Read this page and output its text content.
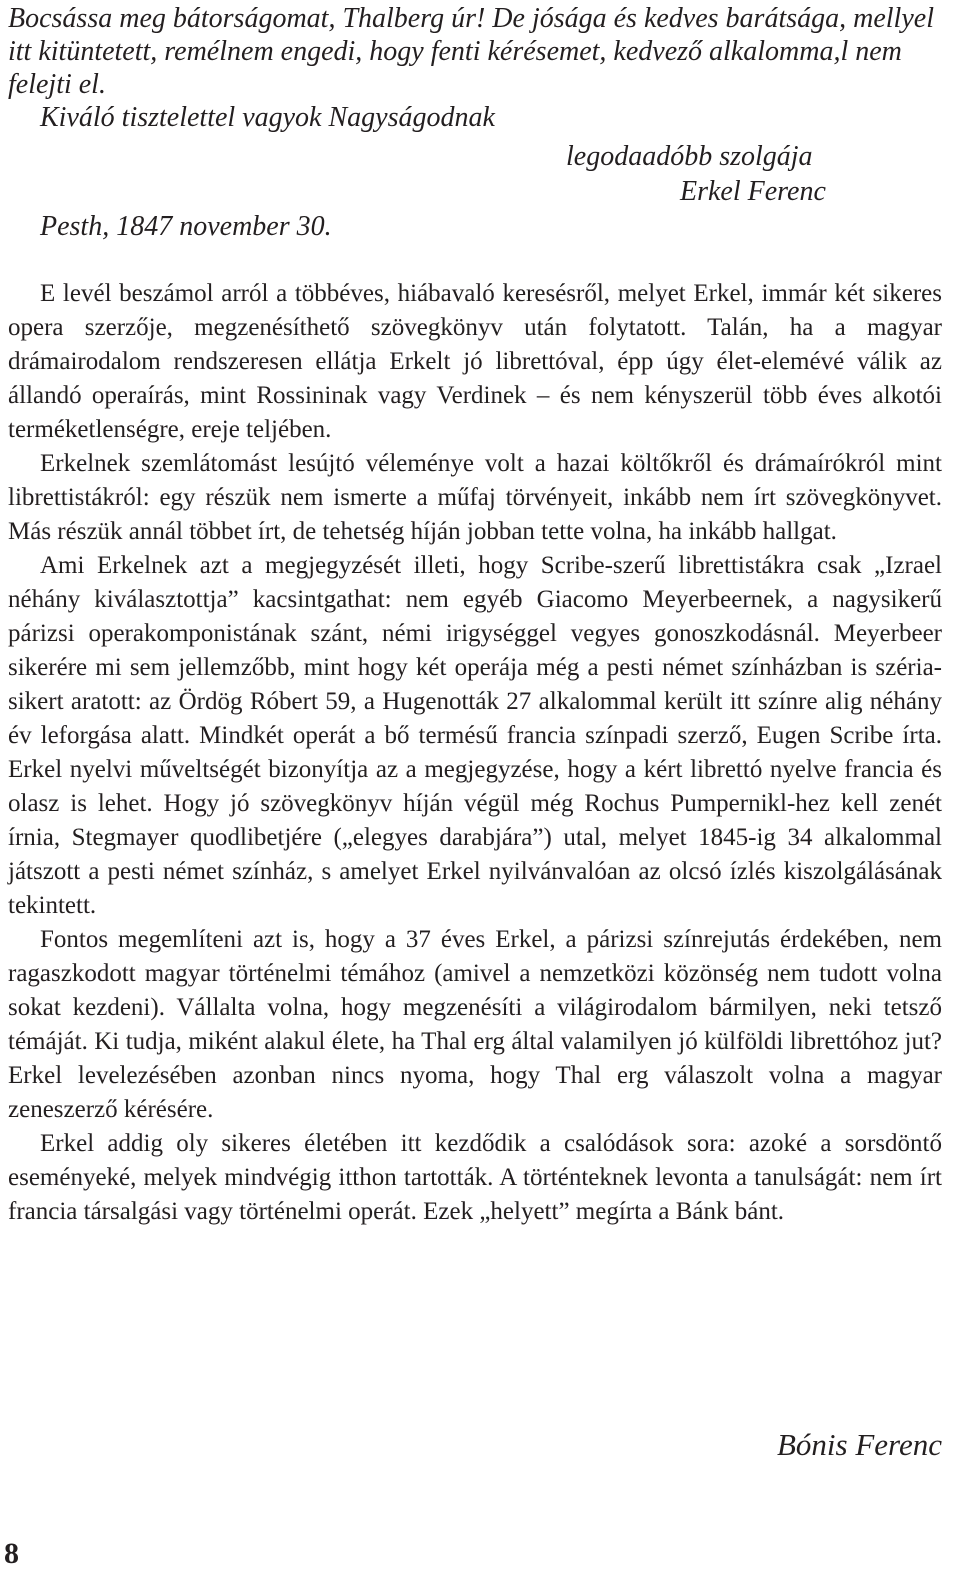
Bocsássa meg bátorságomat, Thalberg úr! De jósága és kedves barátsága, mellyel itt kitüntetett, remélnem engedi, hogy fenti kérésemet, kedvező alkalomma,l nem felejti el.

Kiváló tisztelettel vagyok Nagyságodnak

legodaadóbb szolgája
Erkel Ferenc
Pesth, 1847 november 30.

E levél beszámol arról a többéves, hiábavaló keresésről, melyet Erkel, immár két sikeres opera szerzője, megzenésíthető szövegkönyv után folytatott. Talán, ha a magyar drámairodalom rendszeresen ellátja Erkelt jó librettóval, épp úgy élet-elemévé válik az állandó operaírás, mint Rossininak vagy Verdinek – és nem kényszerül több éves alkotói terméketlenségre, ereje teljében.

Erkelnek szemlátomást lesújtó véleménye volt a hazai költőkről és drámaírókról mint librettistákról: egy részük nem ismerte a műfaj törvényeit, inkább nem írt szövegkönyvet. Más részük annál többet írt, de tehetség híján jobban tette volna, ha inkább hallgat.

Ami Erkelnek azt a megjegyzését illeti, hogy Scribe-szerű librettistákra csak „Izrael néhány kiválasztottja” kacsintgathat: nem egyéb Giacomo Meyerbeernek, a nagysikerű párizsi operakomponistának szánt, némi irigységgel vegyes gonoszkodásnál. Meyerbeer sikerére mi sem jellemzőbb, mint hogy két operája még a pesti német színházban is széria-sikert aratott: az Ördög Róbert 59, a Hugenották 27 alkalommal került itt színre alig néhány év leforgása alatt. Mindkét operát a bő termésű francia színpadi szerző, Eugen Scribe írta. Erkel nyelvi műveltségét bizonyítja az a megjegyzése, hogy a kért librettó nyelve francia és olasz is lehet. Hogy jó szövegkönyv híján végül még Rochus Pumpernikl-hez kell zenét írnia, Stegmayer quodlibetjére („elegyes darabjára”) utal, melyet 1845-ig 34 alkalommal játszott a pesti német színház, s amelyet Erkel nyilvánvalóan az olcsó ízlés kiszolgálásának tekintett.

Fontos megemlíteni azt is, hogy a 37 éves Erkel, a párizsi színrejutás érdekében, nem ragaszkodott magyar történelmi témához (amivel a nemzetközi közönség nem tudott volna sokat kezdeni). Vállalta volna, hogy megzenésíti a világirodalom bármilyen, neki tetsző témáját. Ki tudja, miként alakul élete, ha Thal erg által valamilyen jó külföldi librettóhoz jut? Erkel levelezésében azonban nincs nyoma, hogy Thal erg válaszolt volna a magyar zeneszerző kérésére.

Erkel addig oly sikeres életében itt kezdődik a csalódások sora: azoké a sorsdöntő eseményeké, melyek mindvégig itthon tartották. A történteknek levonta a tanulságát: nem írt francia társalgási vagy történelmi operát. Ezek „helyett” megírta a Bánk bánt.

Bónis Ferenc
8
